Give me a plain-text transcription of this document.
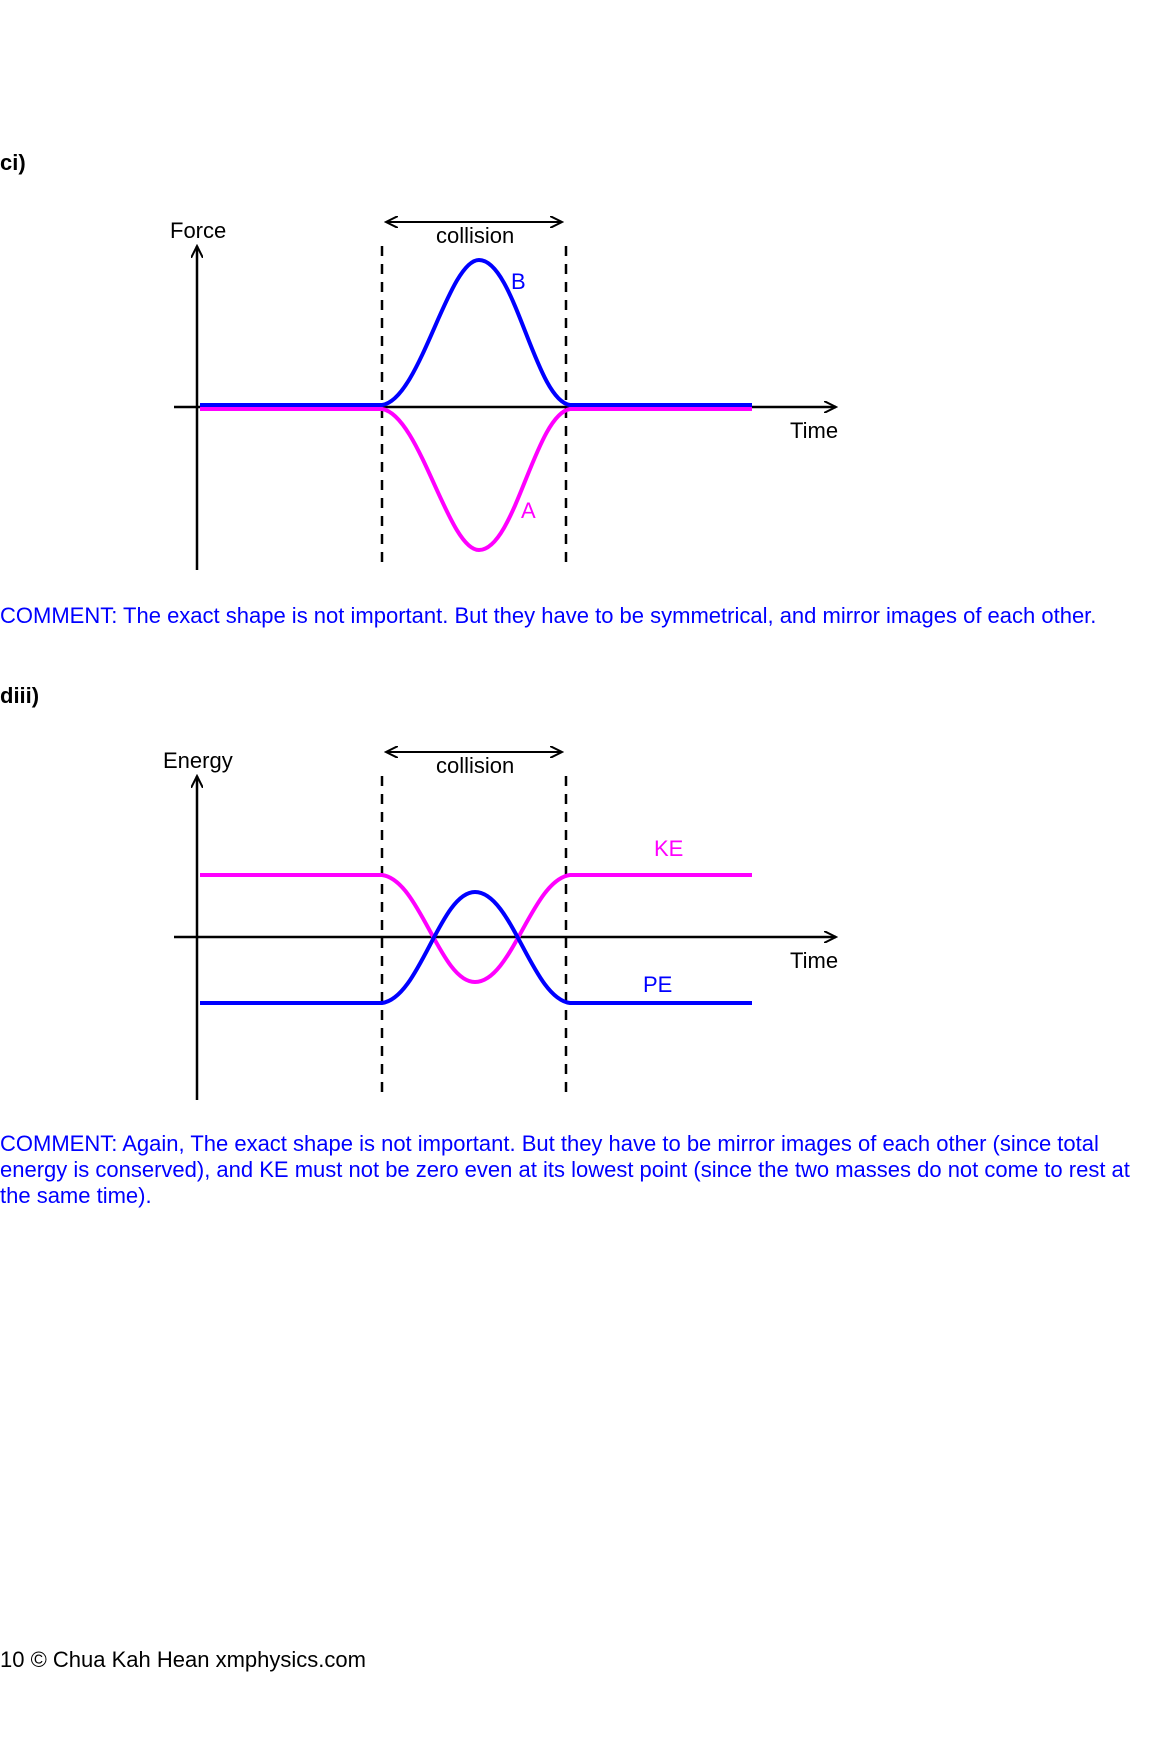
ci)
Force
Time
collision
B
A
COMMENT: The exact shape is not important. But they have to be symmetrical, and mirror images of each other.
diii)
Energy
Time
collision
KE
PE
COMMENT: Again, The exact shape is not important. But they have to be mirror images of each other (since total energy is conserved), and KE must not be zero even at its lowest point (since the two masses do not come to rest at the same time).
10 © Chua Kah Hean xmphysics.com
